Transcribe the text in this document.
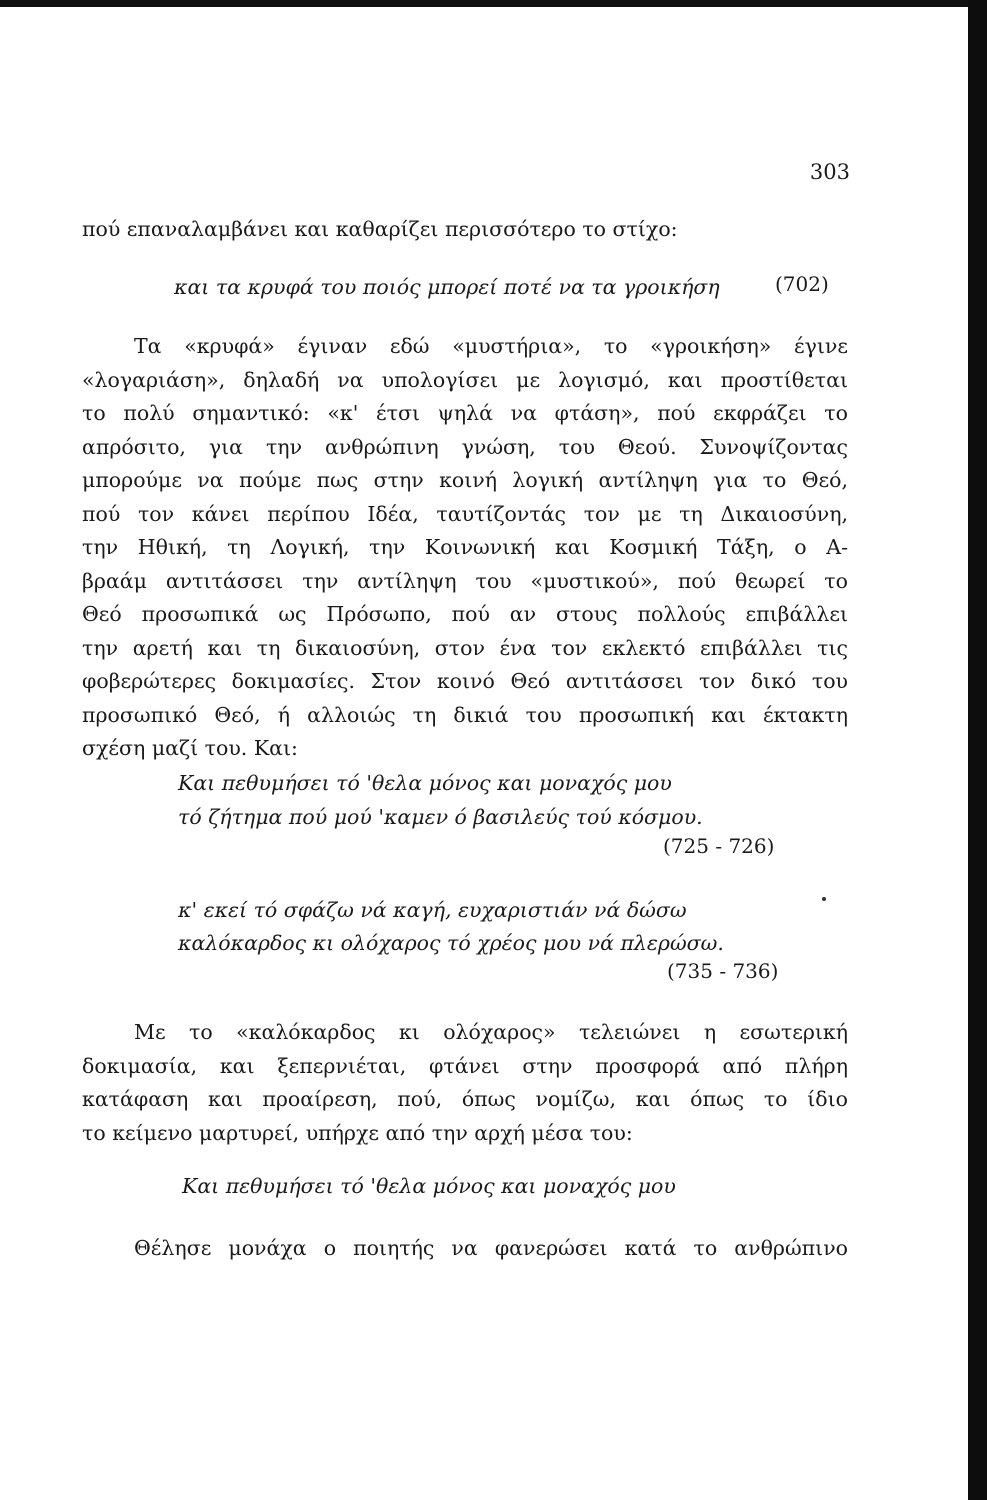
303
πού επαναλαμβάνει και καθαρίζει περισσότερο το στίχο:
και τα κρυφά του ποιός μπορεί ποτέ να τα γροικήση	(702)
Τα «κρυφά» έγιναν εδώ «μυστήρια», το «γροικήση» έγινε
«λογαριάση», δηλαδή να υπολογίσει με λογισμό, και προστίθεται
το πολύ σημαντικό: «κ' έτσι ψηλά να φτάση», πού εκφράζει το
απρόσιτο, για την ανθρώπινη γνώση, του Θεού. Συνοψίζοντας
μπορούμε να πούμε πως στην κοινή λογική αντίληψη για το Θεό,
πού τον κάνει περίπου Ιδέα, ταυτίζοντάς τον με τη Δικαιοσύνη,
την Ηθική, τη Λογική, την Κοινωνική και Κοσμική Τάξη, ο Α-
βραάμ αντιτάσσει την αντίληψη του «μυστικού», πού θεωρεί το
Θεό προσωπικά ως Πρόσωπο, πού αν στους πολλούς επιβάλλει
την αρετή και τη δικαιοσύνη, στον ένα τον εκλεκτό επιβάλλει τις
φοβερώτερες δοκιμασίες. Στον κοινό Θεό αντιτάσσει τον δικό του
προσωπικό Θεό, ή αλλοιώς τη δικιά του προσωπική και έκτακτη
σχέση μαζί του. Και:
Και πεθυμήσει τό 'θελα μόνος και μοναχός μου
τό ζήτημα πού μού 'καμεν ό βασιλεύς τού κόσμου.
(725 - 726)
κ' εκεί τό σφάζω νά καγή, ευχαριστιάν νά δώσω
καλόκαρδος κι ολόχαρος τό χρέος μου νά πλερώσω.
(735 - 736)
Με το «καλόκαρδος κι ολόχαρος» τελειώνει η εσωτερική
δοκιμασία, και ξεπερνιέται, φτάνει στην προσφορά από πλήρη
κατάφαση και προαίρεση, πού, όπως νομίζω, και όπως το ίδιο
το κείμενο μαρτυρεί, υπήρχε από την αρχή μέσα του:
Και πεθυμήσει τό 'θελα μόνος και μοναχός μου
Θέλησε μονάχα ο ποιητής να φανερώσει κατά το ανθρώπινο
